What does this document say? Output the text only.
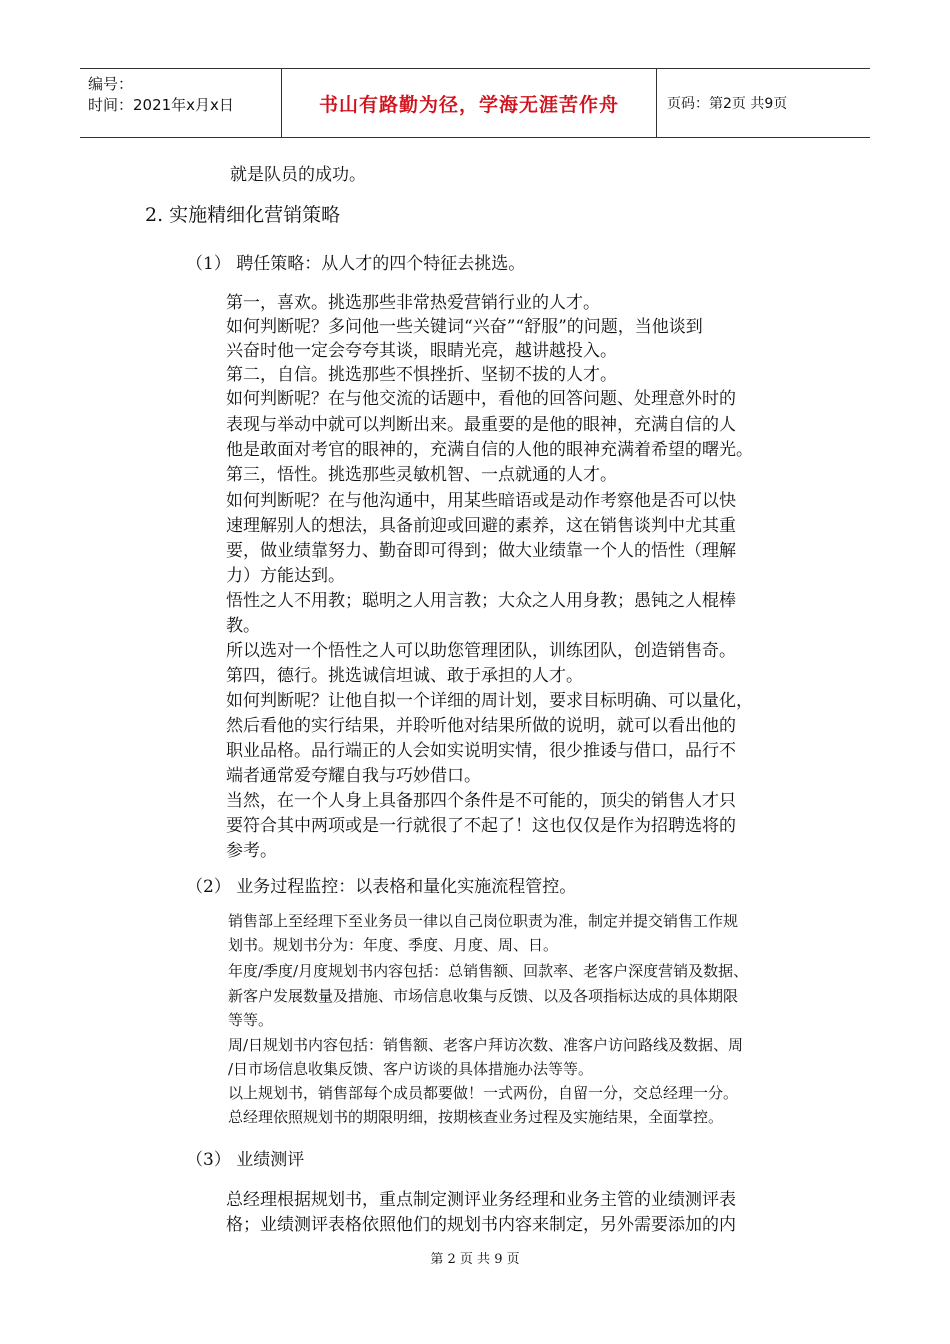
编号：
时间：2021年x月x日	书山有路勤为径，学海无涯苦作舟	页码：第2页 共9页
就是队员的成功。
2. 实施精细化营销策略
（1） 聘任策略：从人才的四个特征去挑选。
第一，喜欢。挑选那些非常热爱营销行业的人才。
如何判断呢？多问他一些关键词“兴奋”“舒服”的问题，当他谈到
兴奋时他一定会夸夸其谈，眼睛光亮，越讲越投入。
第二，自信。挑选那些不惧挫折、坚韧不拔的人才。
如何判断呢？在与他交流的话题中，看他的回答问题、处理意外时的
表现与举动中就可以判断出来。最重要的是他的眼神，充满自信的人
他是敢面对考官的眼神的，充满自信的人他的眼神充满着希望的曙光。
第三，悟性。挑选那些灵敏机智、一点就通的人才。
如何判断呢？在与他沟通中，用某些暗语或是动作考察他是否可以快
速理解别人的想法，具备前迎或回避的素养，这在销售谈判中尤其重
要，做业绩靠努力、勤奋即可得到；做大业绩靠一个人的悟性（理解
力）方能达到。
悟性之人不用教；聪明之人用言教；大众之人用身教；愚钝之人棍棒
教。
所以选对一个悟性之人可以助您管理团队，训练团队，创造销售奇。
第四，德行。挑选诚信坦诚、敢于承担的人才。
如何判断呢？让他自拟一个详细的周计划，要求目标明确、可以量化，
然后看他的实行结果，并聆听他对结果所做的说明，就可以看出他的
职业品格。品行端正的人会如实说明实情，很少推诿与借口，品行不
端者通常爱夸耀自我与巧妙借口。
当然，在一个人身上具备那四个条件是不可能的，顶尖的销售人才只
要符合其中两项或是一行就很了不起了！这也仅仅是作为招聘选将的
参考。
（2） 业务过程监控：以表格和量化实施流程管控。
销售部上至经理下至业务员一律以自己岗位职责为准，制定并提交销售工作规
划书。规划书分为：年度、季度、月度、周、日。
年度/季度/月度规划书内容包括：总销售额、回款率、老客户深度营销及数据、
新客户发展数量及措施、市场信息收集与反馈、以及各项指标达成的具体期限
等等。
周/日规划书内容包括：销售额、老客户拜访次数、准客户访问路线及数据、周
/日市场信息收集反馈、客户访谈的具体措施办法等等。
以上规划书，销售部每个成员都要做！一式两份，自留一分，交总经理一分。
总经理依照规划书的期限明细，按期核查业务过程及实施结果，全面掌控。
（3） 业绩测评
总经理根据规划书，重点制定测评业务经理和业务主管的业绩测评表
格；业绩测评表格依照他们的规划书内容来制定，另外需要添加的内
第 2 页 共 9 页
